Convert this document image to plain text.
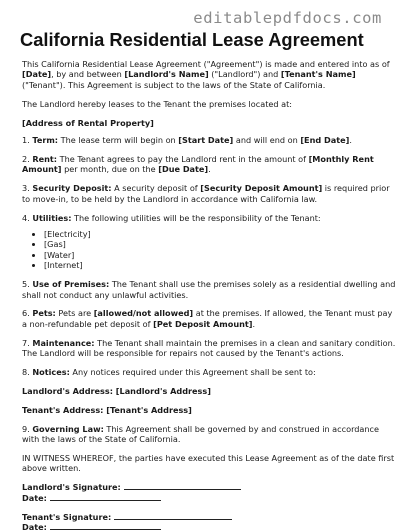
editablepdfdocs.com
California Residential Lease Agreement
This California Residential Lease Agreement ("Agreement") is made and entered into as of [Date], by and between [Landlord's Name] ("Landlord") and [Tenant's Name] ("Tenant"). This Agreement is subject to the laws of the State of California.
The Landlord hereby leases to the Tenant the premises located at:
[Address of Rental Property]
1. Term: The lease term will begin on [Start Date] and will end on [End Date].
2. Rent: The Tenant agrees to pay the Landlord rent in the amount of [Monthly Rent Amount] per month, due on the [Due Date].
3. Security Deposit: A security deposit of [Security Deposit Amount] is required prior to move-in, to be held by the Landlord in accordance with California law.
4. Utilities: The following utilities will be the responsibility of the Tenant:
• [Electricity]
• [Gas]
• [Water]
• [Internet]
5. Use of Premises: The Tenant shall use the premises solely as a residential dwelling and shall not conduct any unlawful activities.
6. Pets: Pets are [allowed/not allowed] at the premises. If allowed, the Tenant must pay a non-refundable pet deposit of [Pet Deposit Amount].
7. Maintenance: The Tenant shall maintain the premises in a clean and sanitary condition. The Landlord will be responsible for repairs not caused by the Tenant's actions.
8. Notices: Any notices required under this Agreement shall be sent to:
Landlord's Address: [Landlord's Address]
Tenant's Address: [Tenant's Address]
9. Governing Law: This Agreement shall be governed by and construed in accordance with the laws of the State of California.
IN WITNESS WHEREOF, the parties have executed this Lease Agreement as of the date first above written.
Landlord's Signature:
Date:
Tenant's Signature:
Date:
